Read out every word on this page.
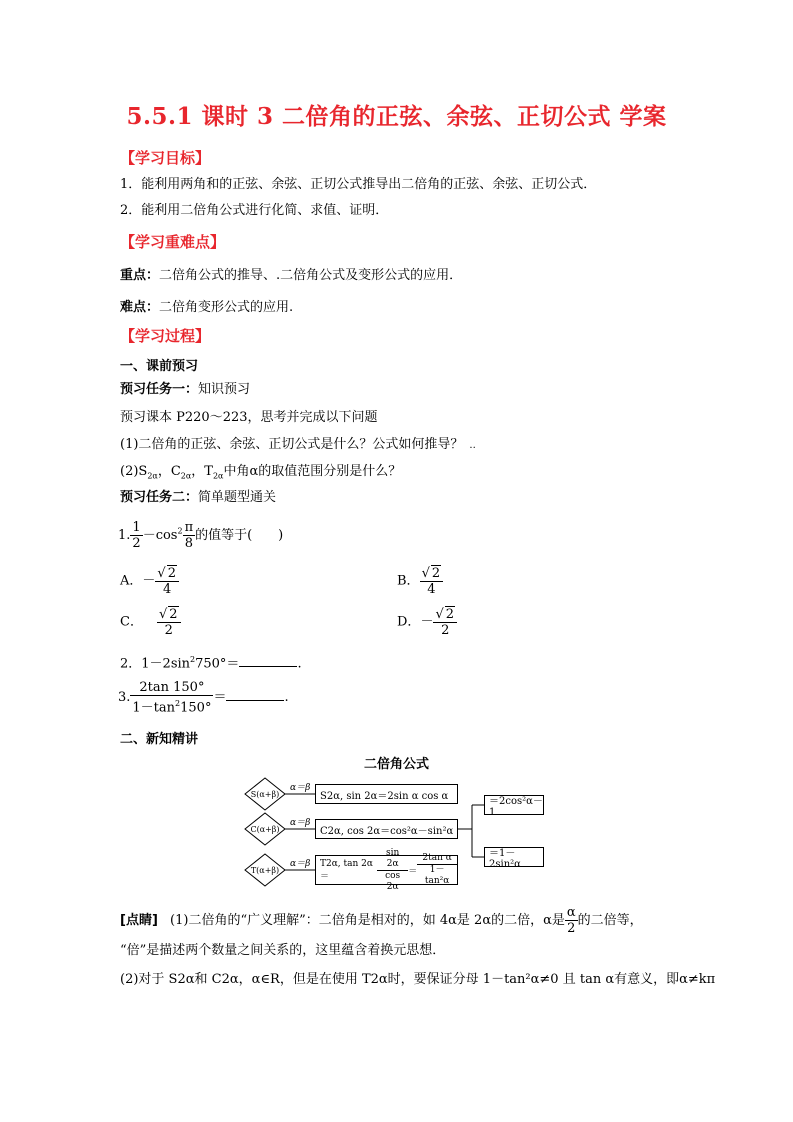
5.5.1 课时 3 二倍角的正弦、余弦、正切公式 学案
【学习目标】
1．能利用两角和的正弦、余弦、正切公式推导出二倍角的正弦、余弦、正切公式．
2．能利用二倍角公式进行化简、求值、证明．
【学习重难点】
重点：二倍角公式的推导、.二倍角公式及变形公式的应用．
难点：二倍角变形公式的应用.
【学习过程】
一、课前预习
预习任务一：知识预习
预习课本 P220～223，思考并完成以下问题
(1)二倍角的正弦、余弦、正切公式是什么？公式如何推导？ ..
$(2)S_{2\alpha}$，$C_{2\alpha}$，$T_{2\alpha}$中角α的取值范围分别是什么？
预习任务二：简单题型通关
1. $\frac{1}{2} -\cos^2 \frac{\pi}{8}$ 的值等于(　　)
A．－ $\frac{√ 2}{4}$	B． $\frac{√ 2}{4}$
C． $\frac{√ 2}{2}$	D．－ $\frac{√ 2}{2}$
2．$1-2\sin^2750^\circ=$	.
3. $\frac{2\tan 150^\circ}{1-\tan^2150^\circ}$ ＝	.
二、新知精讲
二倍角公式
S(α+β)
C(α+β)
T(α+β)
α＝β
α＝β
α＝β
S2α, sin 2α＝2sin α cos α
C2α, cos 2α＝cos²α－sin²α
T2α, tan 2α＝	$\frac{\sin 2\alpha}{\cos 2\alpha} = \frac{\text{2tan α}}{\text{1－tan²α}}$
＝2cos²α－1
＝1－2sin²α
[点睛] (1)二倍角的“广义理解”：二倍角是相对的，如 4α是 2α的二倍，α是 $\frac{\alpha}{2}$ 的二倍等，
“倍”是描述两个数量之间关系的，这里蕴含着换元思想．
(2)对于 S2α和 C2α，α∈R，但是在使用 T2α时，要保证分母 1－tan²α≠0 且 tan α有意义，即α≠kπ
